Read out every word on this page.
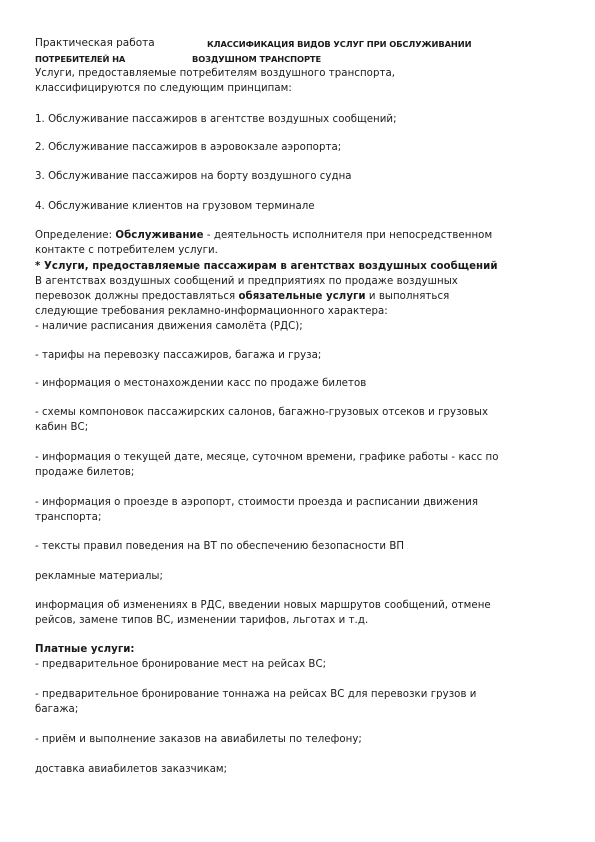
Практическая работа	КЛАССИФИКАЦИЯ ВИДОВ УСЛУГ ПРИ ОБСЛУЖИВАНИИ
ПОТРЕБИТЕЛЕЙ НА	ВОЗДУШНОМ ТРАНСПОРТЕ
Услуги, предоставляемые потребителям воздушного транспорта,
классифицируются по следующим принципам:
1. Обслуживание пассажиров в агентстве воздушных сообщений;
2. Обслуживание пассажиров в аэровокзале аэропорта;
3. Обслуживание пассажиров на борту воздушного судна
4. Обслуживание клиентов на грузовом терминале
Определение: Обслуживание - деятельность исполнителя при непосредственном
контакте с потребителем услуги.
* Услуги, предоставляемые пассажирам в агентствах воздушных сообщений
В агентствах воздушных сообщений и предприятиях по продаже воздушных
перевозок должны предоставляться обязательные услуги и выполняться
следующие требования рекламно-информационного характера:
- наличие расписания движения самолёта (РДС);
- тарифы на перевозку пассажиров, багажа и груза;
- информация о местонахождении касс по продаже билетов
- схемы компоновок пассажирских салонов, багажно-грузовых отсеков и грузовых
кабин ВС;
- информация о текущей дате, месяце, суточном времени, графике работы - касс по
продаже билетов;
- информация о проезде в аэропорт, стоимости проезда и расписании движения
транспорта;
- тексты правил поведения на ВТ по обеспечению безопасности ВП
рекламные материалы;
информация об изменениях в РДС, введении новых маршрутов сообщений, отмене
рейсов, замене типов ВС, изменении тарифов, льготах и т.д.
Платные услуги:
- предварительное бронирование мест на рейсах ВС;
- предварительное бронирование тоннажа на рейсах ВС для перевозки грузов и
багажа;
- приём и выполнение заказов на авиабилеты по телефону;
доставка авиабилетов заказчикам;
